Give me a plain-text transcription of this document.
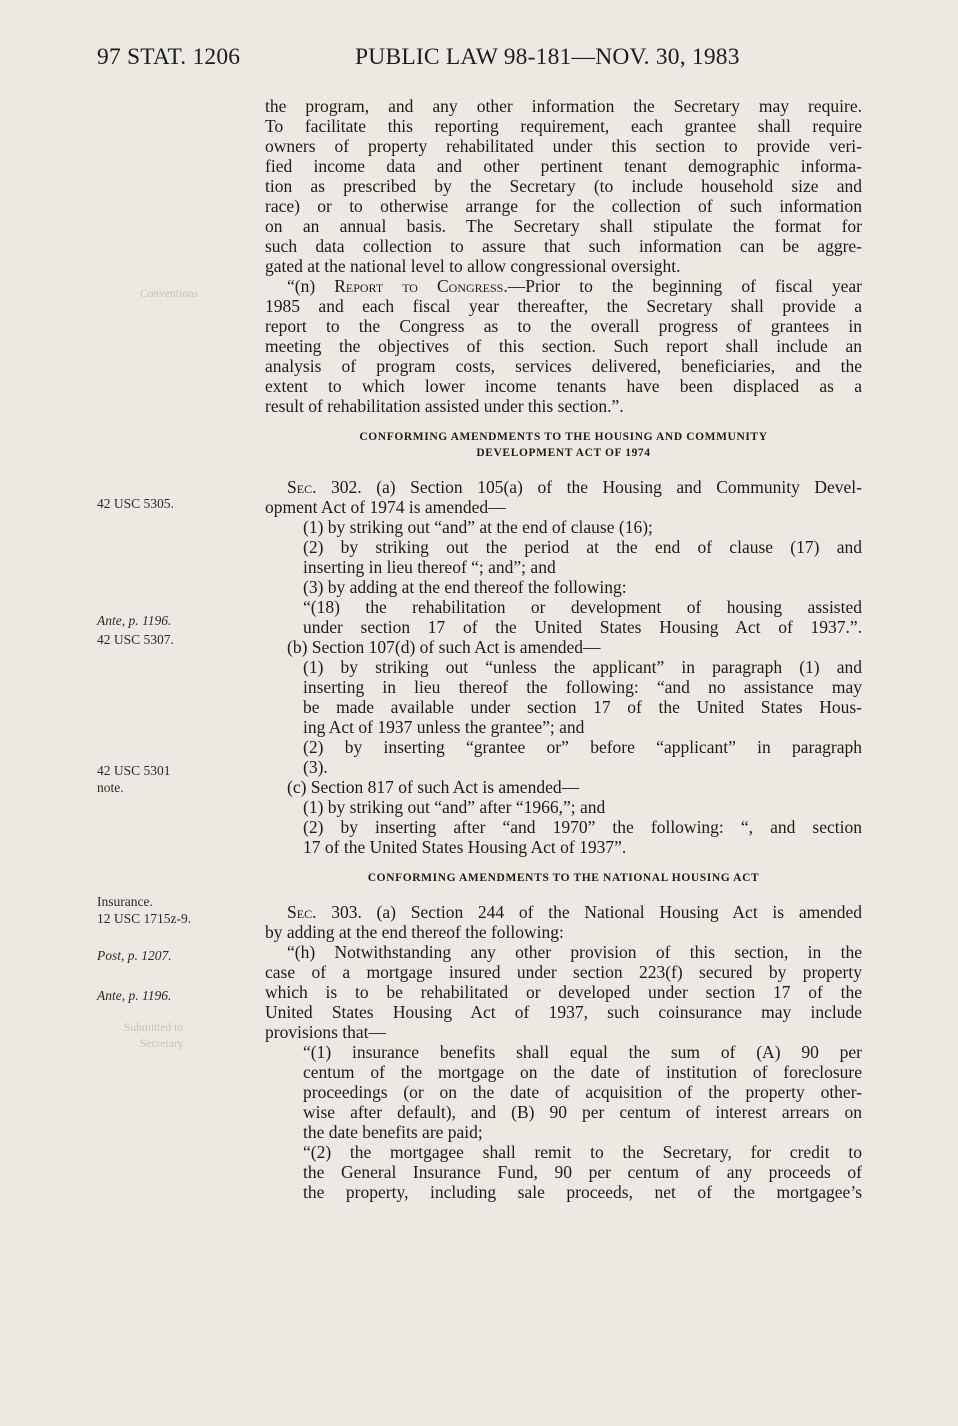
97 STAT. 1206	PUBLIC LAW 98-181—NOV. 30, 1983
Conventions
Submitted to
Secretary.
42 USC 5305.
Ante, p. 1196.
42 USC 5307.
42 USC 5301
note.
Insurance.
12 USC 1715z-9.
Post, p. 1207.
Ante, p. 1196.
the program, and any other information the Secretary may require.
To facilitate this reporting requirement, each grantee shall require
owners of property rehabilitated under this section to provide veri-
fied income data and other pertinent tenant demographic informa-
tion as prescribed by the Secretary (to include household size and
race) or to otherwise arrange for the collection of such information
on an annual basis. The Secretary shall stipulate the format for
such data collection to assure that such information can be aggre-
gated at the national level to allow congressional oversight.
“(n) Report to Congress.—Prior to the beginning of fiscal year
1985 and each fiscal year thereafter, the Secretary shall provide a
report to the Congress as to the overall progress of grantees in
meeting the objectives of this section. Such report shall include an
analysis of program costs, services delivered, beneficiaries, and the
extent to which lower income tenants have been displaced as a
result of rehabilitation assisted under this section.”.
CONFORMING AMENDMENTS TO THE HOUSING AND COMMUNITY
DEVELOPMENT ACT OF 1974
Sec. 302. (a) Section 105(a) of the Housing and Community Devel-
opment Act of 1974 is amended—
(1) by striking out “and” at the end of clause (16);
(2) by striking out the period at the end of clause (17) and
inserting in lieu thereof “; and”; and
(3) by adding at the end thereof the following:
“(18) the rehabilitation or development of housing assisted
under section 17 of the United States Housing Act of 1937.”.
(b) Section 107(d) of such Act is amended—
(1) by striking out “unless the applicant” in paragraph (1) and
inserting in lieu thereof the following: “and no assistance may
be made available under section 17 of the United States Hous-
ing Act of 1937 unless the grantee”; and
(2) by inserting “grantee or” before “applicant” in paragraph
(3).
(c) Section 817 of such Act is amended—
(1) by striking out “and” after “1966,”; and
(2) by inserting after “and 1970” the following: “, and section
17 of the United States Housing Act of 1937”.
CONFORMING AMENDMENTS TO THE NATIONAL HOUSING ACT
Sec. 303. (a) Section 244 of the National Housing Act is amended
by adding at the end thereof the following:
“(h) Notwithstanding any other provision of this section, in the
case of a mortgage insured under section 223(f) secured by property
which is to be rehabilitated or developed under section 17 of the
United States Housing Act of 1937, such coinsurance may include
provisions that—
“(1) insurance benefits shall equal the sum of (A) 90 per
centum of the mortgage on the date of institution of foreclosure
proceedings (or on the date of acquisition of the property other-
wise after default), and (B) 90 per centum of interest arrears on
the date benefits are paid;
“(2) the mortgagee shall remit to the Secretary, for credit to
the General Insurance Fund, 90 per centum of any proceeds of
the property, including sale proceeds, net of the mortgagee’s
